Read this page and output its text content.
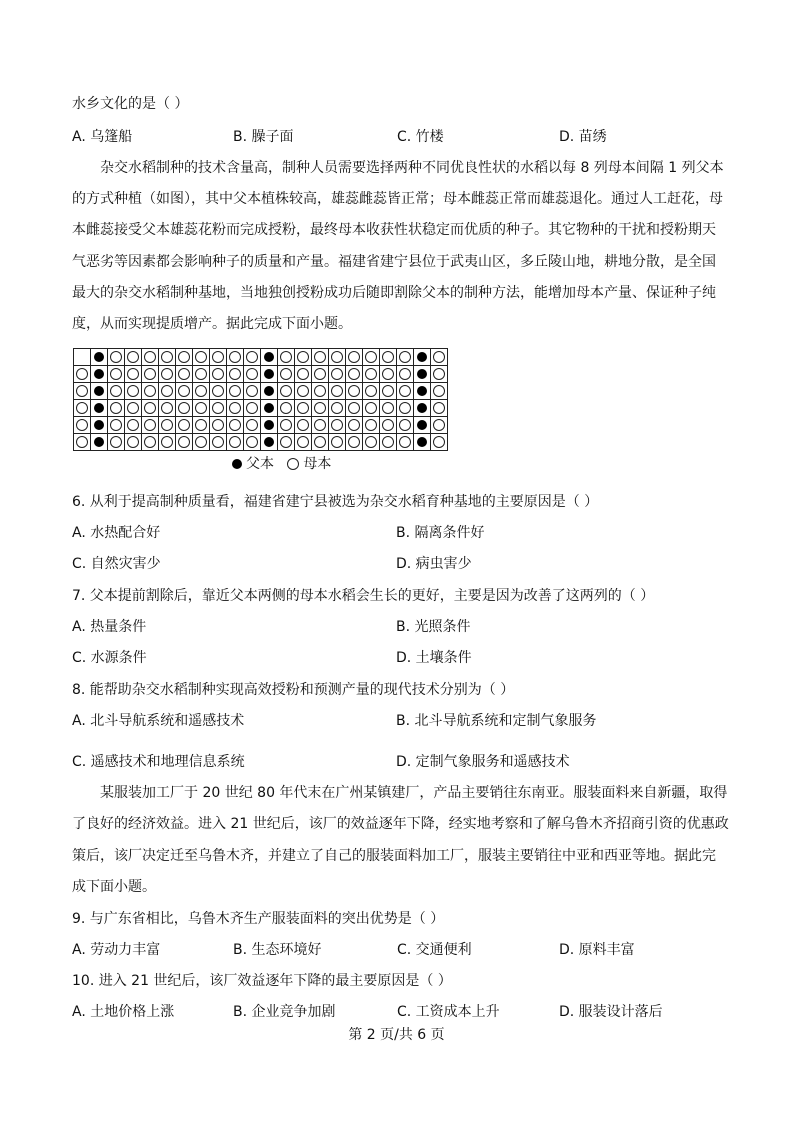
水乡文化的是（ ）
A. 乌篷船	B. 臊子面	C. 竹楼	D. 苗绣
杂交水稻制种的技术含量高，制种人员需要选择两种不同优良性状的水稻以每 8 列母本间隔 1 列父本
的方式种植（如图），其中父本植株较高，雄蕊雌蕊皆正常；母本雌蕊正常而雄蕊退化。通过人工赶花，母
本雌蕊接受父本雄蕊花粉而完成授粉，最终母本收获性状稳定而优质的种子。其它物种的干扰和授粉期天
气恶劣等因素都会影响种子的质量和产量。福建省建宁县位于武夷山区，多丘陵山地，耕地分散，是全国
最大的杂交水稻制种基地，当地独创授粉成功后随即割除父本的制种方法，能增加母本产量、保证种子纯
度，从而实现提质增产。据此完成下面小题。

父本 母本
6. 从利于提高制种质量看，福建省建宁县被选为杂交水稻育种基地的主要原因是（ ）
A. 水热配合好	B. 隔离条件好
C. 自然灾害少	D. 病虫害少
7. 父本提前割除后，靠近父本两侧的母本水稻会生长的更好，主要是因为改善了这两列的（ ）
A. 热量条件	B. 光照条件
C. 水源条件	D. 土壤条件
8. 能帮助杂交水稻制种实现高效授粉和预测产量的现代技术分别为（ ）
A. 北斗导航系统和遥感技术	B. 北斗导航系统和定制气象服务
C. 遥感技术和地理信息系统	D. 定制气象服务和遥感技术
某服装加工厂于 20 世纪 80 年代末在广州某镇建厂，产品主要销往东南亚。服装面料来自新疆，取得
了良好的经济效益。进入 21 世纪后，该厂的效益逐年下降，经实地考察和了解乌鲁木齐招商引资的优惠政
策后，该厂决定迁至乌鲁木齐，并建立了自己的服装面料加工厂，服装主要销往中亚和西亚等地。据此完
成下面小题。
9. 与广东省相比，乌鲁木齐生产服装面料的突出优势是（ ）
A. 劳动力丰富	B. 生态环境好	C. 交通便利	D. 原料丰富
10. 进入 21 世纪后，该厂效益逐年下降的最主要原因是（ ）
A. 土地价格上涨	B. 企业竞争加剧	C. 工资成本上升	D. 服装设计落后
第 2 页/共 6 页
